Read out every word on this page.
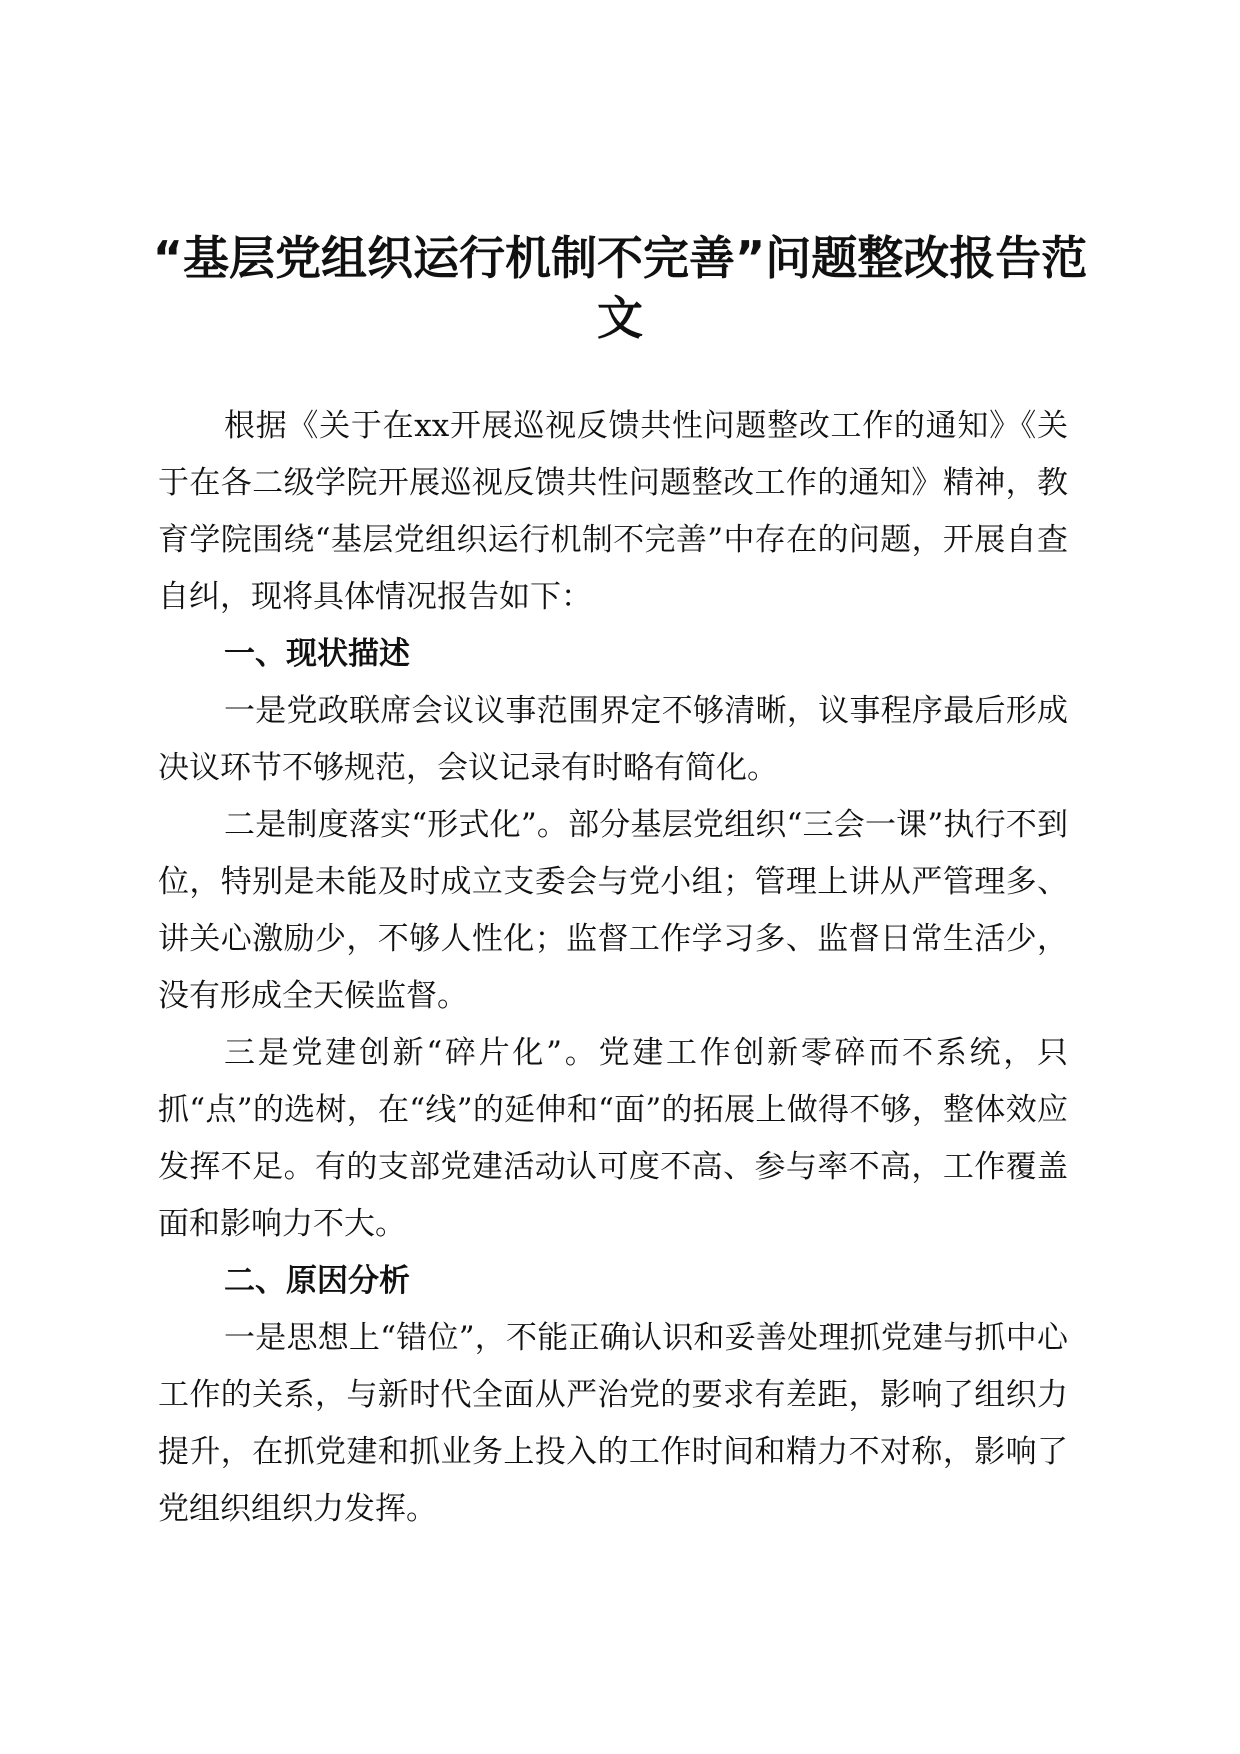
“基层党组织运行机制不完善”问题整改报告范文

根据《关于在xx开展巡视反馈共性问题整改工作的通知》《关于在各二级学院开展巡视反馈共性问题整改工作的通知》精神，教育学院围绕“基层党组织运行机制不完善”中存在的问题，开展自查自纠，现将具体情况报告如下：

一、现状描述

一是党政联席会议议事范围界定不够清晰，议事程序最后形成决议环节不够规范，会议记录有时略有简化。

二是制度落实“形式化”。部分基层党组织“三会一课”执行不到位，特别是未能及时成立支委会与党小组；管理上讲从严管理多、讲关心激励少，不够人性化；监督工作学习多、监督日常生活少，没有形成全天候监督。

三是党建创新“碎片化”。党建工作创新零碎而不系统，只抓“点”的选树，在“线”的延伸和“面”的拓展上做得不够，整体效应发挥不足。有的支部党建活动认可度不高、参与率不高，工作覆盖面和影响力不大。

二、原因分析

一是思想上“错位”，不能正确认识和妥善处理抓党建与抓中心工作的关系，与新时代全面从严治党的要求有差距，影响了组织力提升，在抓党建和抓业务上投入的工作时间和精力不对称，影响了党组织组织力发挥。
